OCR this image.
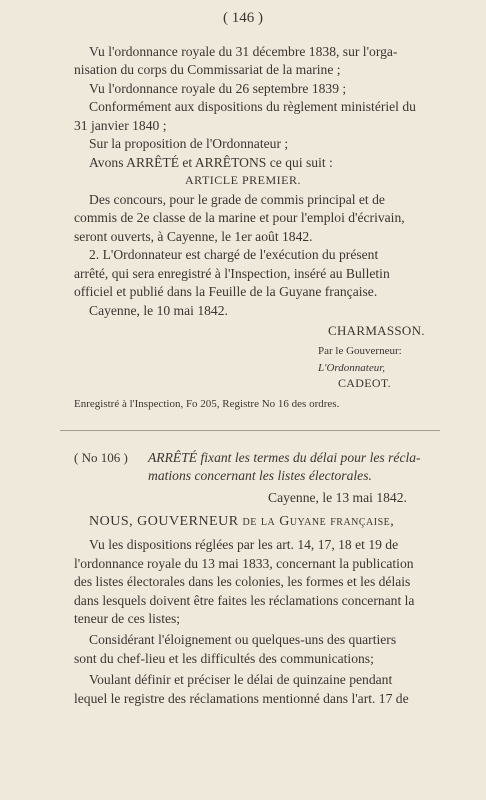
( 146 )
Vu l'ordonnance royale du 31 décembre 1838, sur l'orga-
nisation du corps du Commissariat de la marine ;
Vu l'ordonnance royale du 26 septembre 1839 ;
Conformément aux dispositions du règlement ministériel du
31 janvier 1840 ;
Sur la proposition de l'Ordonnateur ;
Avons ARRÊTÉ et ARRÊTONS ce qui suit :
ARTICLE PREMIER.
Des concours, pour le grade de commis principal et de
commis de 2e classe de la marine et pour l'emploi d'écrivain,
seront ouverts, à Cayenne, le 1er août 1842.
2. L'Ordonnateur est chargé de l'exécution du présent
arrêté, qui sera enregistré à l'Inspection, inséré au Bulletin
officiel et publié dans la Feuille de la Guyane française.
Cayenne, le 10 mai 1842.
CHARMASSON.
Par le Gouverneur:
L'Ordonnateur,
CADEOT.
Enregistré à l'Inspection, Fo 205, Registre No 16 des ordres.
( No 106 ) ARRÊTÉ fixant les termes du délai pour les récla-
mations concernant les listes électorales.
Cayenne, le 13 mai 1842.
NOUS, GOUVERNEUR de la Guyane française,
Vu les dispositions réglées par les art. 14, 17, 18 et 19 de
l'ordonnance royale du 13 mai 1833, concernant la publication
des listes électorales dans les colonies, les formes et les délais
dans lesquels doivent être faites les réclamations concernant la
teneur de ces listes;
Considérant l'éloignement ou quelques-uns des quartiers
sont du chef-lieu et les difficultés des communications;
Voulant définir et préciser le délai de quinzaine pendant
lequel le registre des réclamations mentionné dans l'art. 17 de
